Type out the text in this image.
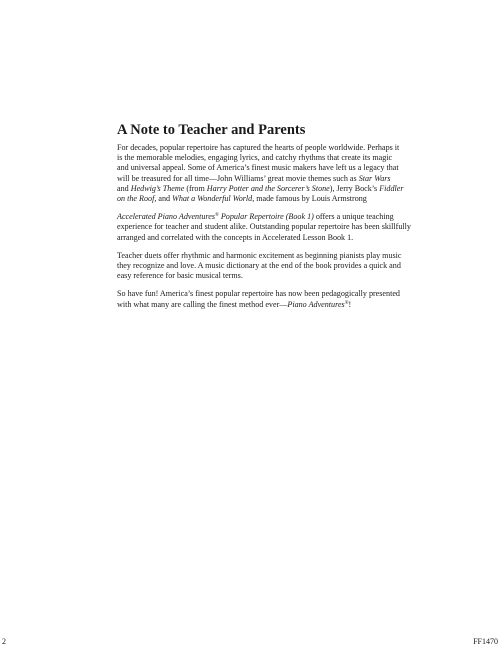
A Note to Teacher and Parents

For decades, popular repertoire has captured the hearts of people worldwide. Perhaps it
is the memorable melodies, engaging lyrics, and catchy rhythms that create its magic
and universal appeal. Some of America’s finest music makers have left us a legacy that
will be treasured for all time—John Williams’ great movie themes such as Star Wars
and Hedwig’s Theme (from Harry Potter and the Sorcerer’s Stone), Jerry Bock’s Fiddler
on the Roof, and What a Wonderful World, made famous by Louis Armstrong

Accelerated Piano Adventures® Popular Repertoire (Book 1) offers a unique teaching
experience for teacher and student alike. Outstanding popular repertoire has been skillfully
arranged and correlated with the concepts in Accelerated Lesson Book 1.

Teacher duets offer rhythmic and harmonic excitement as beginning pianists play music
they recognize and love. A music dictionary at the end of the book provides a quick and
easy reference for basic musical terms.

So have fun! America’s finest popular repertoire has now been pedagogically presented
with what many are calling the finest method ever—Piano Adventures®!

2	FF1470
